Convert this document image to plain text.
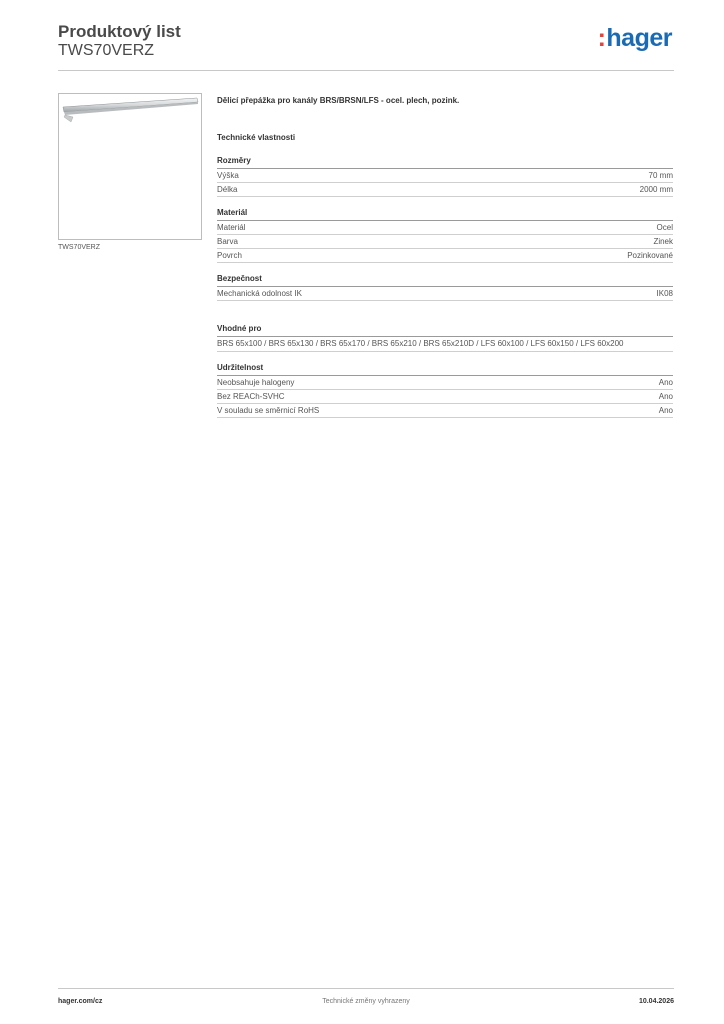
Produktový list
TWS70VERZ	:hager
TWS70VERZ
Dělicí přepážka pro kanály BRS/BRSN/LFS - ocel. plech, pozink.
Technické vlastnosti
Rozměry
Výška	70 mm
Délka	2000 mm
Materiál
Materiál	Ocel
Barva	Zinek
Povrch	Pozinkované
Bezpečnost
Mechanická odolnost IK	IK08
Vhodné pro
BRS 65x100 / BRS 65x130 / BRS 65x170 / BRS 65x210 / BRS 65x210D / LFS 60x100 / LFS 60x150 / LFS 60x200
Udržitelnost
Neobsahuje halogeny	Ano
Bez REACh-SVHC	Ano
V souladu se směrnicí RoHS	Ano
hager.com/cz	Technické změny vyhrazeny	10.04.2026
